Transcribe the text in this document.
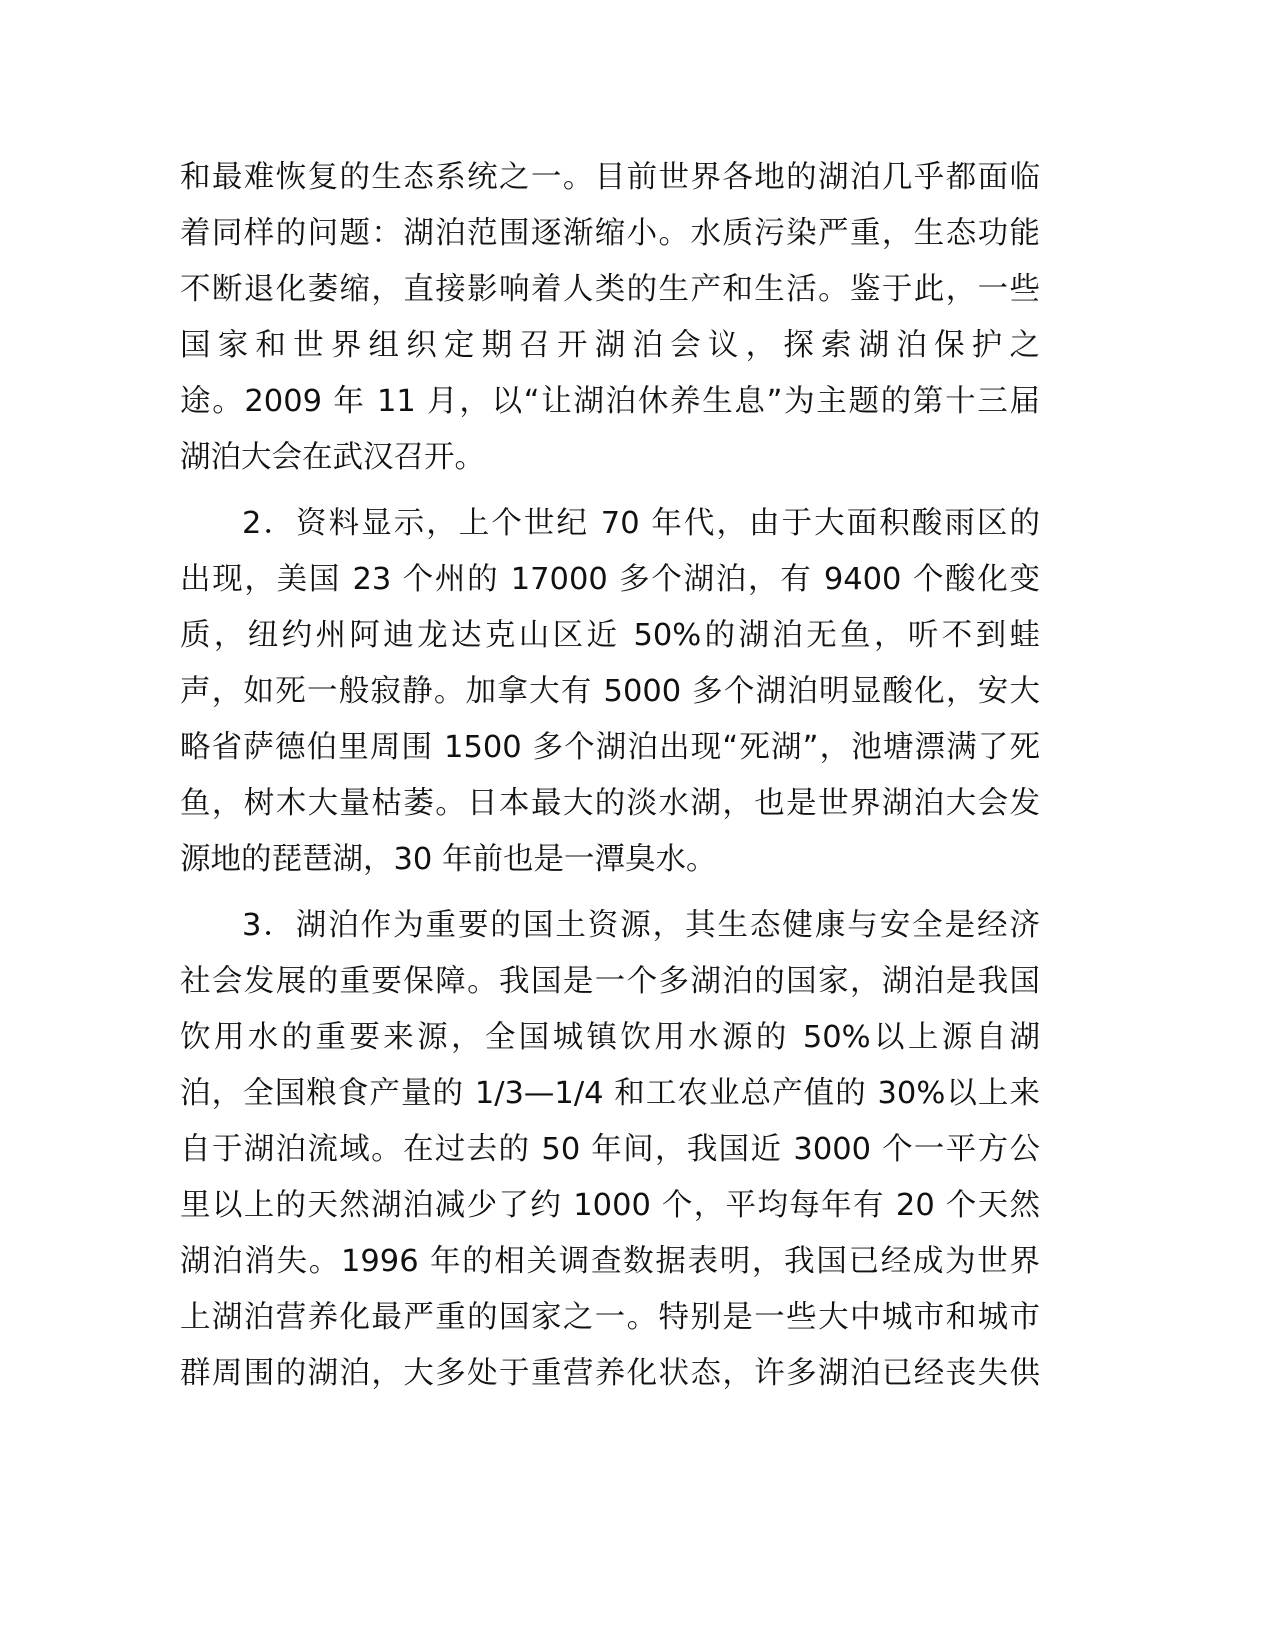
和最难恢复的生态系统之一。目前世界各地的湖泊几乎都面临
着同样的问题：湖泊范围逐渐缩小。水质污染严重，生态功能
不断退化萎缩，直接影响着人类的生产和生活。鉴于此，一些
国家和世界组织定期召开湖泊会议，探索湖泊保护之
途。2009 年 11 月，以“让湖泊休养生息”为主题的第十三届
湖泊大会在武汉召开。
2．资料显示，上个世纪 70 年代，由于大面积酸雨区的
出现，美国 23 个州的 17000 多个湖泊，有 9400 个酸化变
质，纽约州阿迪龙达克山区近 50%的湖泊无鱼，听不到蛙
声，如死一般寂静。加拿大有 5000 多个湖泊明显酸化，安大
略省萨德伯里周围 1500 多个湖泊出现“死湖”，池塘漂满了死
鱼，树木大量枯萎。日本最大的淡水湖，也是世界湖泊大会发
源地的琵琶湖，30 年前也是一潭臭水。
3．湖泊作为重要的国土资源，其生态健康与安全是经济
社会发展的重要保障。我国是一个多湖泊的国家，湖泊是我国
饮用水的重要来源，全国城镇饮用水源的 50%以上源自湖
泊，全国粮食产量的 1/3—1/4 和工农业总产值的 30%以上来
自于湖泊流域。在过去的 50 年间，我国近 3000 个一平方公
里以上的天然湖泊减少了约 1000 个，平均每年有 20 个天然
湖泊消失。1996 年的相关调查数据表明，我国已经成为世界
上湖泊营养化最严重的国家之一。特别是一些大中城市和城市
群周围的湖泊，大多处于重营养化状态，许多湖泊已经丧失供
